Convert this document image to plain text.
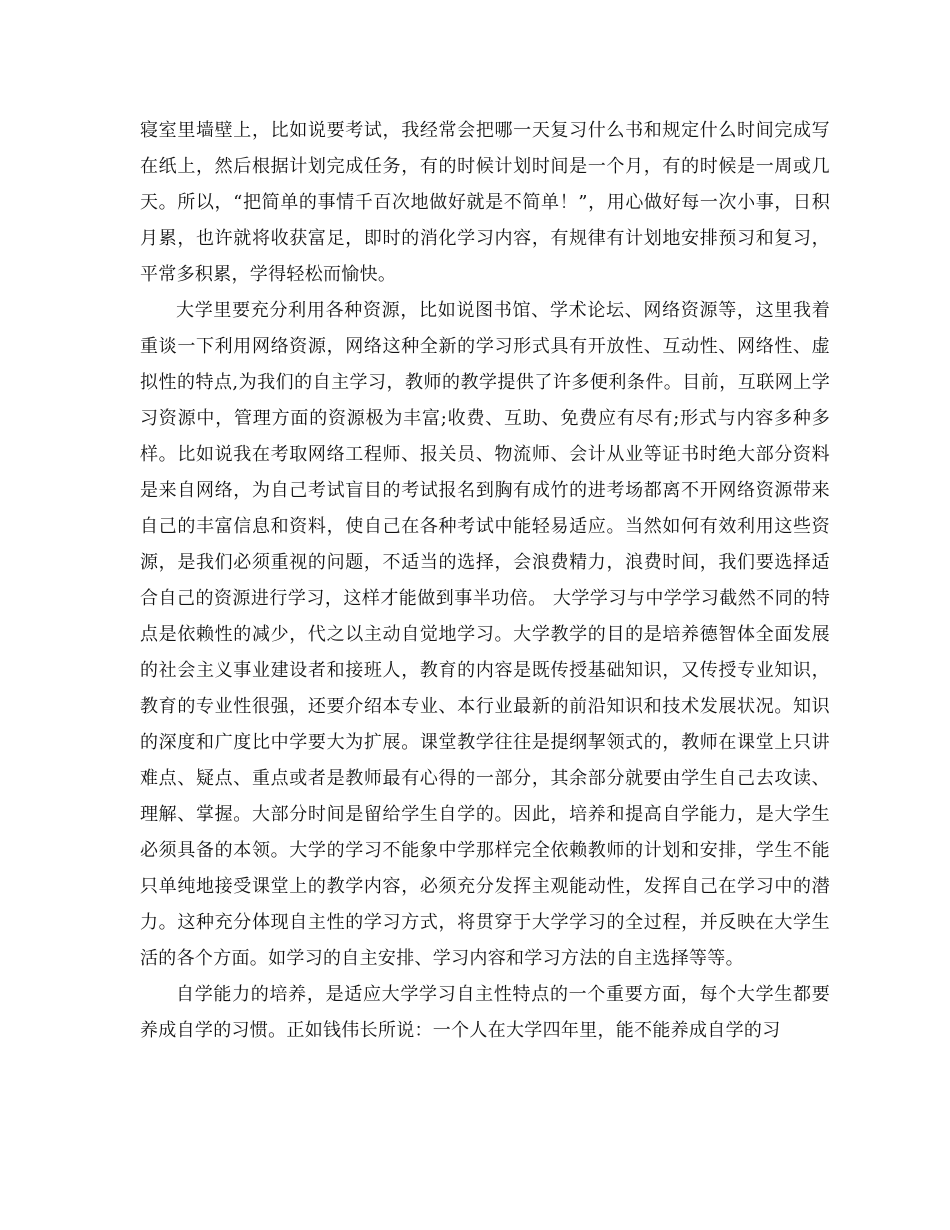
寝室里墙壁上，比如说要考试，我经常会把哪一天复习什么书和规定什么时间完成写在纸上，然后根据计划完成任务，有的时候计划时间是一个月，有的时候是一周或几天。所以，“把简单的事情千百次地做好就是不简单！”，用心做好每一次小事，日积月累，也许就将收获富足，即时的消化学习内容，有规律有计划地安排预习和复习，平常多积累，学得轻松而愉快。

大学里要充分利用各种资源，比如说图书馆、学术论坛、网络资源等，这里我着重谈一下利用网络资源，网络这种全新的学习形式具有开放性、互动性、网络性、虚拟性的特点,为我们的自主学习，教师的教学提供了许多便利条件。目前，互联网上学习资源中，管理方面的资源极为丰富;收费、互助、免费应有尽有;形式与内容多种多样。比如说我在考取网络工程师、报关员、物流师、会计从业等证书时绝大部分资料是来自网络，为自己考试盲目的考试报名到胸有成竹的进考场都离不开网络资源带来自己的丰富信息和资料，使自己在各种考试中能轻易适应。当然如何有效利用这些资源，是我们必须重视的问题，不适当的选择，会浪费精力，浪费时间，我们要选择适合自己的资源进行学习，这样才能做到事半功倍。 大学学习与中学学习截然不同的特点是依赖性的减少，代之以主动自觉地学习。大学教学的目的是培养德智体全面发展的社会主义事业建设者和接班人，教育的内容是既传授基础知识，又传授专业知识，教育的专业性很强，还要介绍本专业、本行业最新的前沿知识和技术发展状况。知识的深度和广度比中学要大为扩展。课堂教学往往是提纲挈领式的，教师在课堂上只讲难点、疑点、重点或者是教师最有心得的一部分，其余部分就要由学生自己去攻读、理解、掌握。大部分时间是留给学生自学的。因此，培养和提高自学能力，是大学生必须具备的本领。大学的学习不能象中学那样完全依赖教师的计划和安排，学生不能只单纯地接受课堂上的教学内容，必须充分发挥主观能动性，发挥自己在学习中的潜力。这种充分体现自主性的学习方式，将贯穿于大学学习的全过程，并反映在大学生活的各个方面。如学习的自主安排、学习内容和学习方法的自主选择等等。

自学能力的培养，是适应大学学习自主性特点的一个重要方面，每个大学生都要养成自学的习惯。正如钱伟长所说：一个人在大学四年里，能不能养成自学的习
